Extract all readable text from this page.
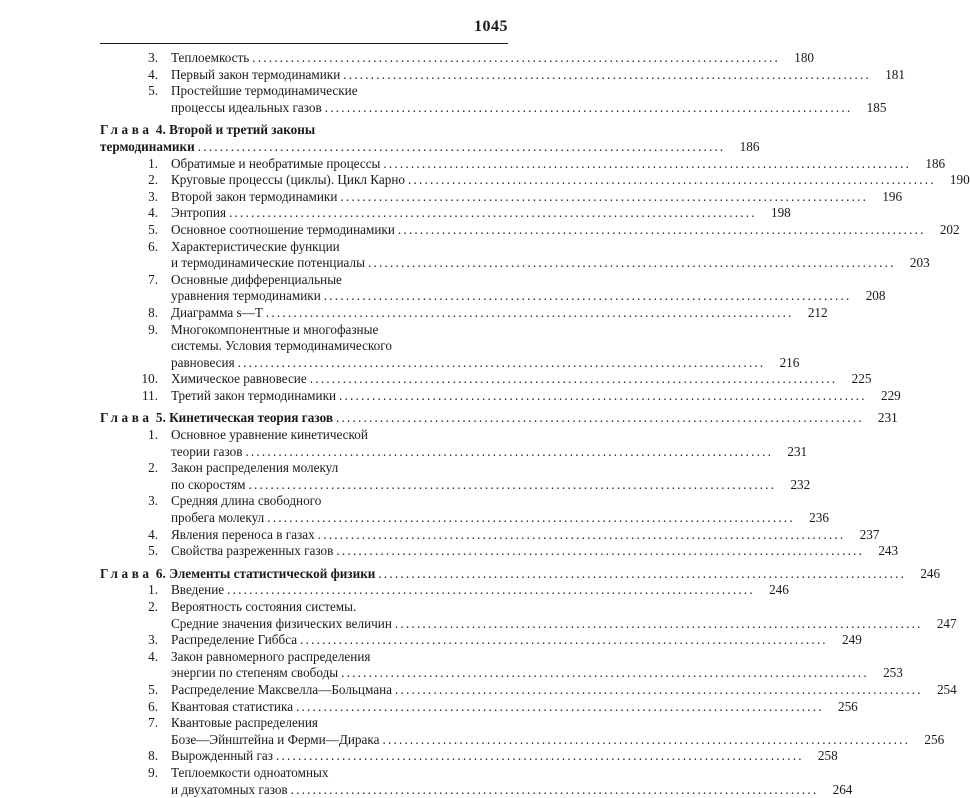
1045
3. Теплоемкость ................................................................................................	180
4. Первый закон термодинамики ................................................................................................	181
5. Простейшие термодинамические
процессы идеальных газов ................................................................................................	185
Глава 4. Второй и третий законы
термодинамики ................................................................................................	186
1. Обратимые и необратимые процессы ................................................................................................	186
2. Круговые процессы (циклы). Цикл Карно ................................................................................................	190
3. Второй закон термодинамики ................................................................................................	196
4. Энтропия ................................................................................................	198
5. Основное соотношение термодинамики ................................................................................................	202
6. Характеристические функции
и термодинамические потенциалы ................................................................................................	203
7. Основные дифференциальные
уравнения термодинамики ................................................................................................	208
8. Диаграмма s—T ................................................................................................	212
9. Многокомпонентные и многофазные
системы. Условия термодинамического
равновесия ................................................................................................	216
10. Химическое равновесие ................................................................................................	225
11. Третий закон термодинамики ................................................................................................	229
Глава 5. Кинетическая теория газов ................................................................................................	231
1. Основное уравнение кинетической
теории газов ................................................................................................	231
2. Закон распределения молекул
по скоростям ................................................................................................	232
3. Средняя длина свободного
пробега молекул ................................................................................................	236
4. Явления переноса в газах ................................................................................................	237
5. Свойства разреженных газов ................................................................................................	243
Глава 6. Элементы статистической физики ................................................................................................	246
1. Введение ................................................................................................	246
2. Вероятность состояния системы.
Средние значения физических величин ................................................................................................	247
3. Распределение Гиббса ................................................................................................	249
4. Закон равномерного распределения
энергии по степеням свободы ................................................................................................	253
5. Распределение Максвелла—Больцмана ................................................................................................	254
6. Квантовая статистика ................................................................................................	256
7. Квантовые распределения
Бозе—Эйнштейна и Ферми—Дирака ................................................................................................	256
8. Вырожденный газ ................................................................................................	258
9. Теплоемкости одноатомных
и двухатомных газов ................................................................................................	264
